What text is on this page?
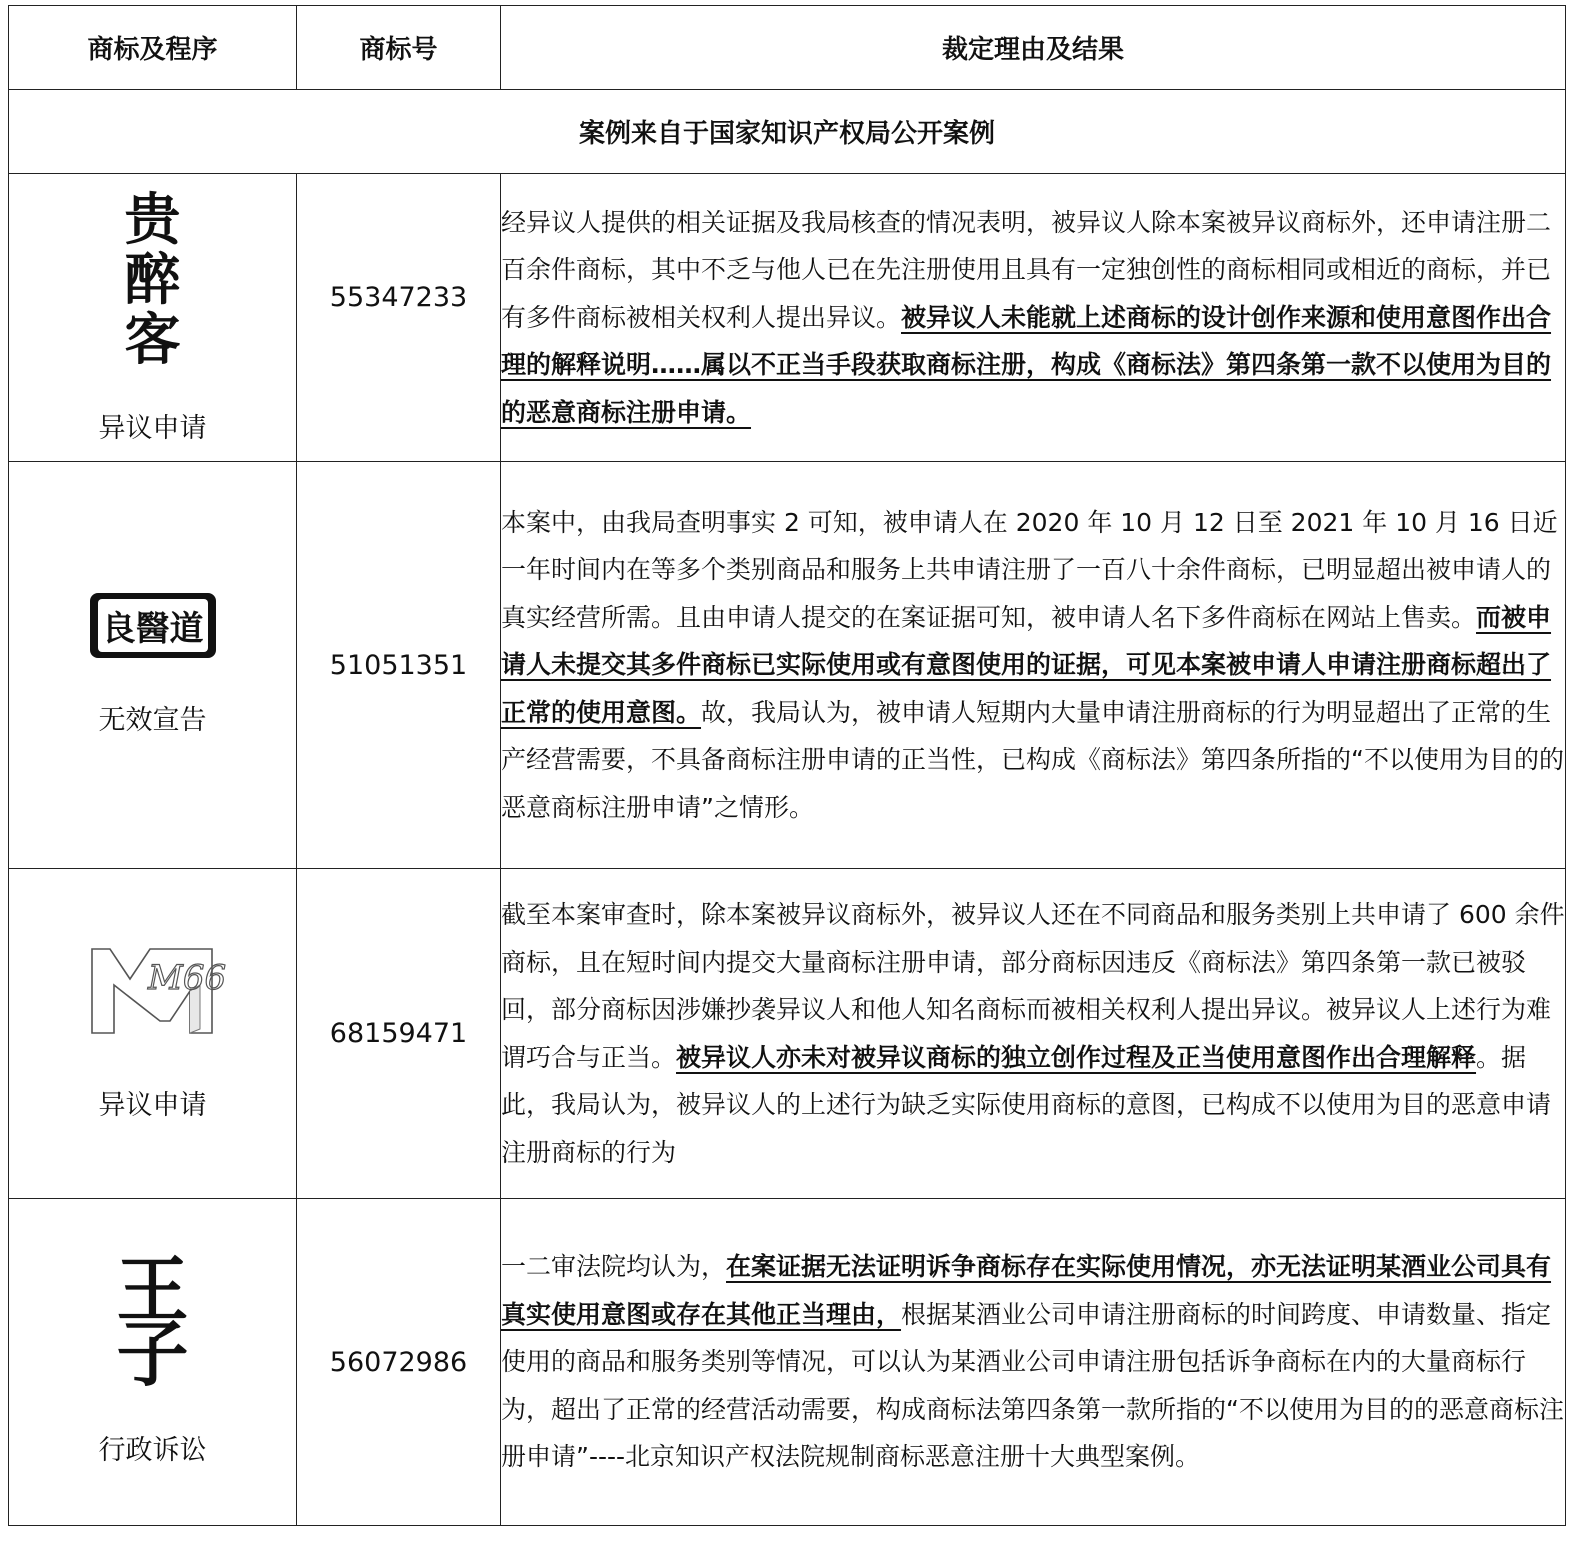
商标及程序	商标号	裁定理由及结果
案例来自于国家知识产权局公开案例		

贵
醉
客
异议申请	55347233	经异议人提供的相关证据及我局核查的情况表明，被异议人除本案被异议商标外，还申请注册二百余件商标，其中不乏与他人已在先注册使用且具有一定独创性的商标相同或相近的商标，并已有多件商标被相关权利人提出异议。被异议人未能就上述商标的设计创作来源和使用意图作出合理的解释说明……属以不正当手段获取商标注册，构成《商标法》第四条第一款不以使用为目的的恶意商标注册申请。

良醫道
无效宣告	51051351	本案中，由我局查明事实 2 可知，被申请人在 2020 年 10 月 12 日至 2021 年 10 月 16 日近一年时间内在等多个类别商品和服务上共申请注册了一百八十余件商标，已明显超出被申请人的真实经营所需。且由申请人提交的在案证据可知，被申请人名下多件商标在网站上售卖。而被申请人未提交其多件商标已实际使用或有意图使用的证据，可见本案被申请人申请注册商标超出了正常的使用意图。故，我局认为，被申请人短期内大量申请注册商标的行为明显超出了正常的生产经营需要，不具备商标注册申请的正当性，已构成《商标法》第四条所指的“不以使用为目的的恶意商标注册申请”之情形。

M66
异议申请	68159471	截至本案审查时，除本案被异议商标外，被异议人还在不同商品和服务类别上共申请了 600 余件商标，且在短时间内提交大量商标注册申请，部分商标因违反《商标法》第四条第一款已被驳回，部分商标因涉嫌抄袭异议人和他人知名商标而被相关权利人提出异议。被异议人上述行为难谓巧合与正当。被异议人亦未对被异议商标的独立创作过程及正当使用意图作出合理解释。据此，我局认为，被异议人的上述行为缺乏实际使用商标的意图，已构成不以使用为目的恶意申请注册商标的行为

王
子
行政诉讼	56072986	一二审法院均认为，在案证据无法证明诉争商标存在实际使用情况，亦无法证明某酒业公司具有真实使用意图或存在其他正当理由，根据某酒业公司申请注册商标的时间跨度、申请数量、指定使用的商品和服务类别等情况，可以认为某酒业公司申请注册包括诉争商标在内的大量商标行为，超出了正常的经营活动需要，构成商标法第四条第一款所指的“不以使用为目的的恶意商标注册申请”----北京知识产权法院规制商标恶意注册十大典型案例。
